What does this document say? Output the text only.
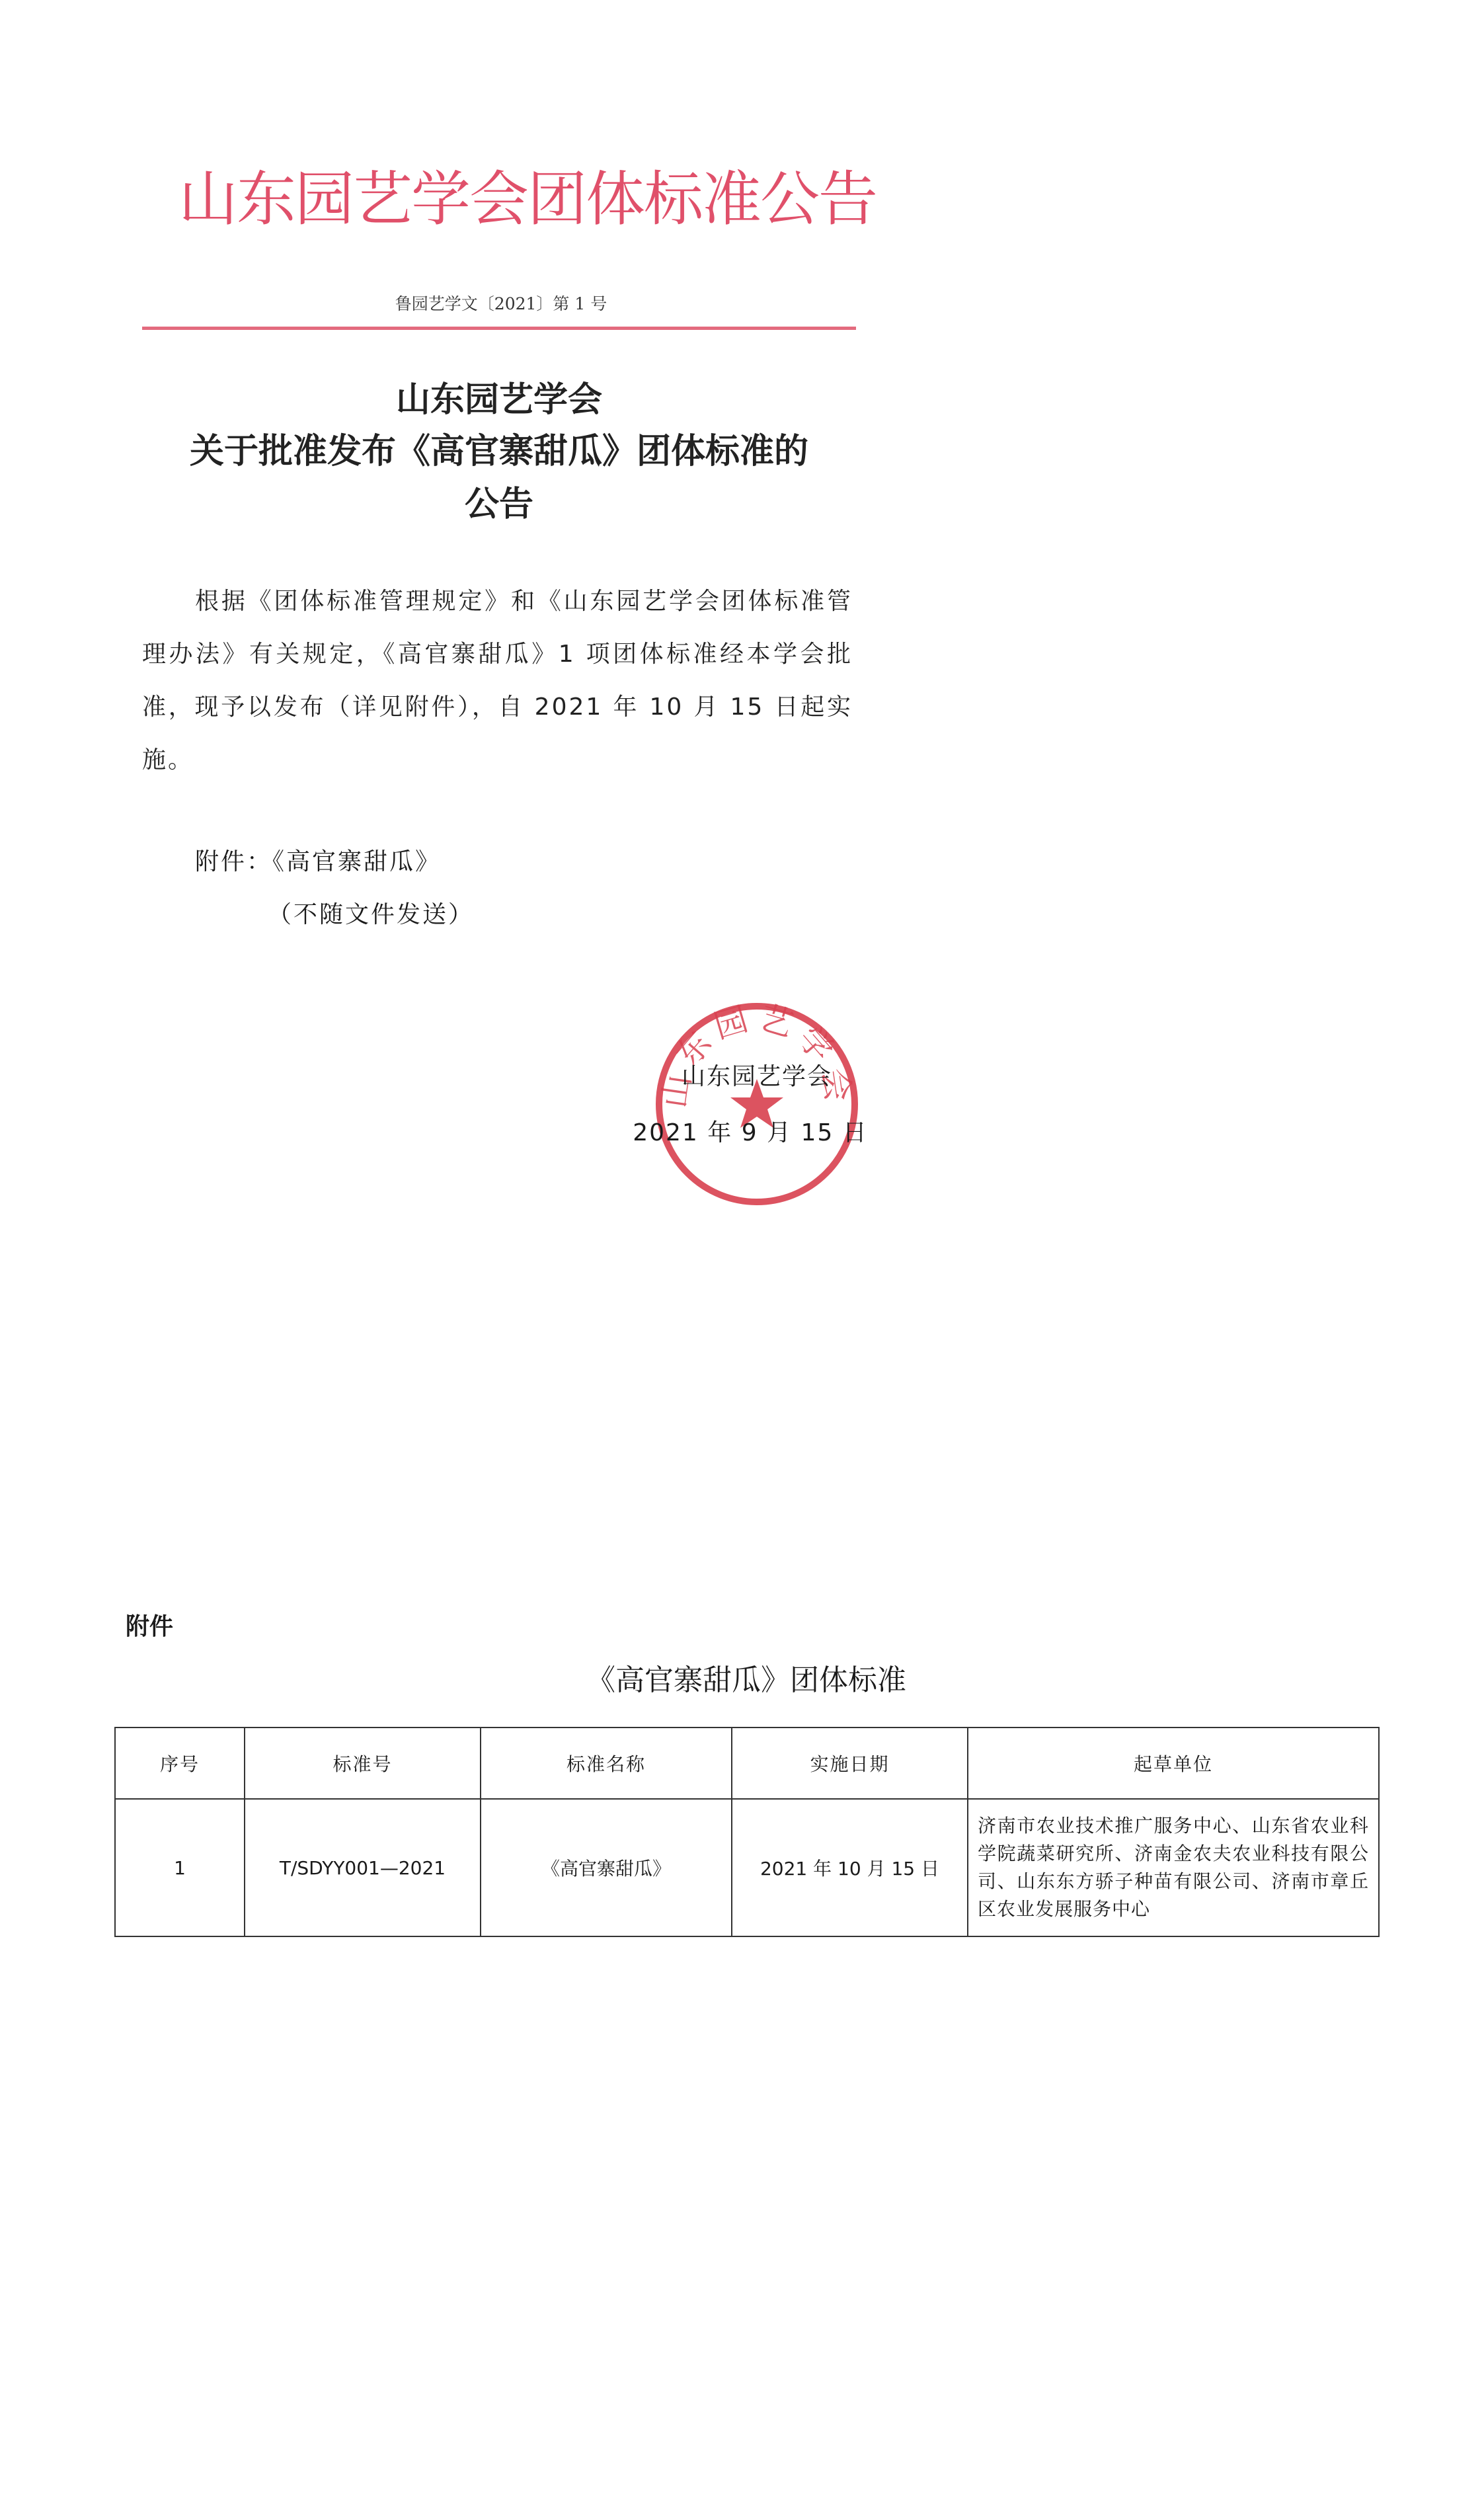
山东园艺学会团体标准公告
鲁园艺学文〔2021〕第 1 号
山东园艺学会
关于批准发布《高官寨甜瓜》团体标准的
公告
根据《团体标准管理规定》和《山东园艺学会团体标准管理办法》有关规定，《高官寨甜瓜》1 项团体标准经本学会批准，现予以发布（详见附件），自 2021 年 10 月 15 日起实施。
附件：《高官寨甜瓜》
（不随文件发送）
山东园艺学会
山东园艺学会
2021 年 9 月 15 日
附件
《高官寨甜瓜》团体标准
序号	标准号	标准名称	实施日期	起草单位
1	T/SDYY001—2021	《高官寨甜瓜》	2021 年 10 月 15 日	济南市农业技术推广服务中心、山东省农业科学院蔬菜研究所、济南金农夫农业科技有限公司、山东东方骄子种苗有限公司、济南市章丘区农业发展服务中心
